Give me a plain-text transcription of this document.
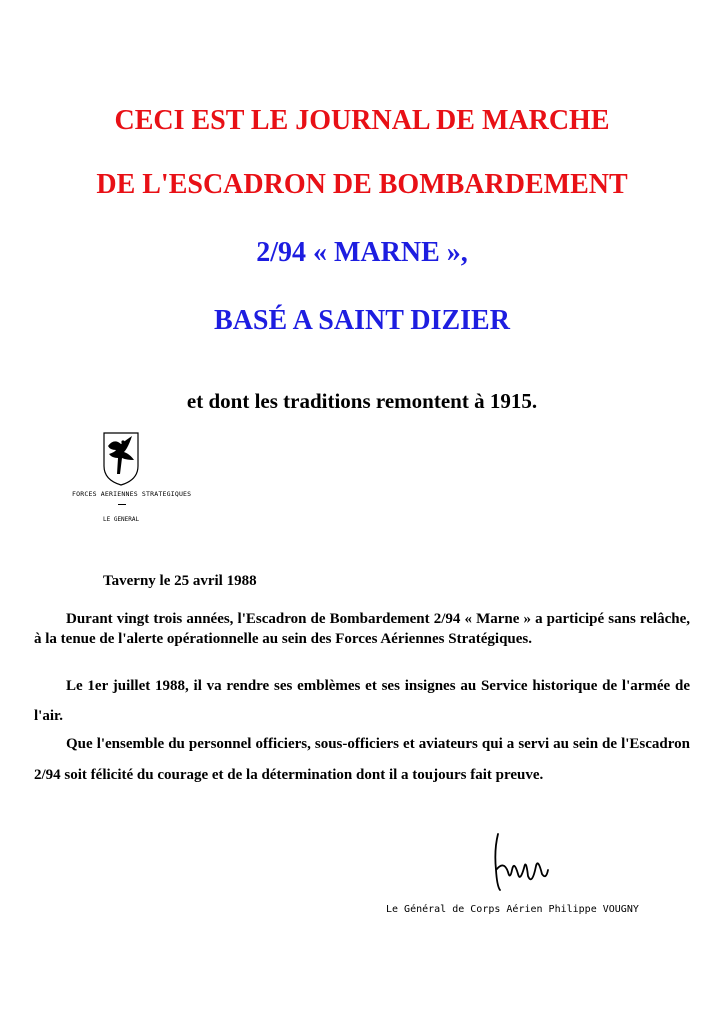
CECI EST LE JOURNAL DE MARCHE
DE L'ESCADRON DE BOMBARDEMENT
2/94 « MARNE »,
BASÉ A SAINT DIZIER

et dont les traditions remontent à 1915.

FORCES AERIENNES STRATEGIQUES
LE GENERAL

Taverny le 25 avril 1988

Durant vingt trois années, l'Escadron de Bombardement 2/94 « Marne » a participé sans relâche, à la tenue de l'alerte opérationnelle au sein des Forces Aériennes Stratégiques.

Le 1er juillet 1988, il va rendre ses emblèmes et ses insignes au Service historique de l'armée de l'air.

Que l'ensemble du personnel officiers, sous-officiers et aviateurs qui a servi au sein de l'Escadron 2/94 soit félicité du courage et de la détermination dont il a toujours fait preuve.

Le Général de Corps Aérien Philippe VOUGNY
